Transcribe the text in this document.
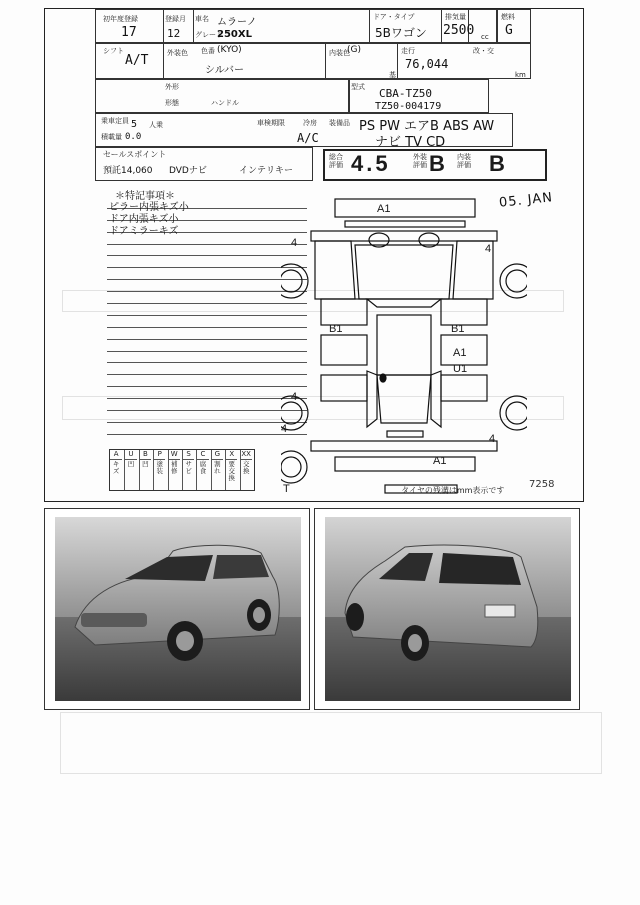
初年度登録
17
登録月
12
車名 ムラーノ
グレード
250XL
ドア・タイプ
5Bワゴン
排気量
2500 cc
燃料
G
シフト
A/T	外装色 色番 (KYO)
シルバー
内装色
(G)	走行
76,044
基	km
改・交
外形
形態	ハンドル
型式 CBA-TZ50
TZ50-004179
乗車定員 5 人乗
積載量 0.0
車検期限	冷房
A/C
装備品 PS PW エアB ABS AW
ナビ TV CD
セールスポイント
預託14,060 DVDナビ	インテリキー
総合評価 4.5	外装評価 B 内装評価 B
05. JAN
＊特記事項＊
ピラー内張キズ小
ドア内張キズ小
ドアミラーキズ
A1
B1	B1
A1
U1
A1
4	4
4
4
4
T	タイヤの残溝はmm表示です
7258
A
キズ
U
凹
B
凹
P
塗装
W
補修
S
サビ
C
腐食
G
割れ
X
要交換
XX
交換
